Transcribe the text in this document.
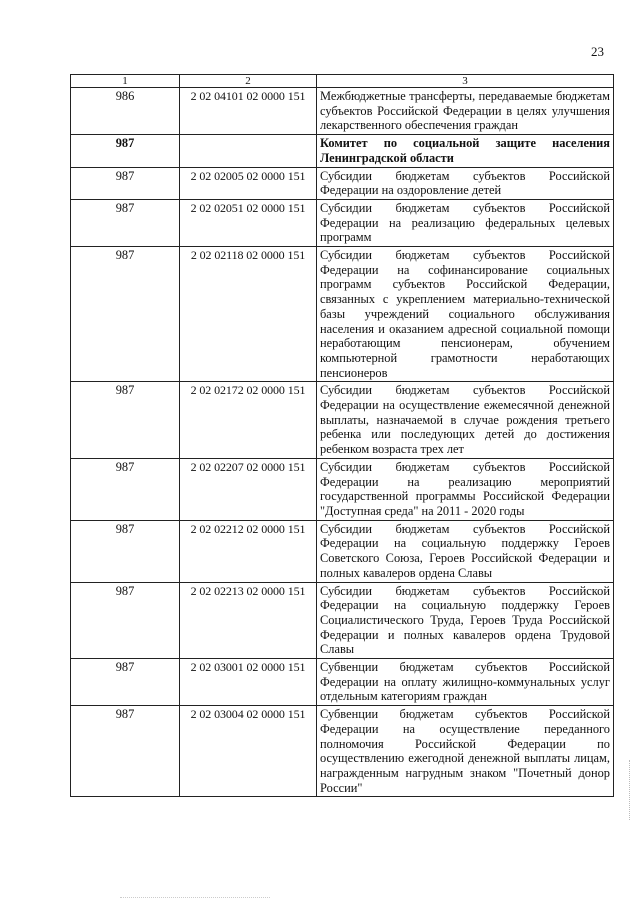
23
1	2	3
986	2 02 04101 02 0000 151	Межбюджетные трансферты, передаваемые бюджетам субъектов Российской Федерации в целях улучшения лекарственного обеспечения граждан
987		Комитет по социальной защите населения Ленинградской области
987	2 02 02005 02 0000 151	Субсидии бюджетам субъектов Российской Федерации на оздоровление детей
987	2 02 02051 02 0000 151	Субсидии бюджетам субъектов Российской Федерации на реализацию федеральных целевых программ
987	2 02 02118 02 0000 151	Субсидии бюджетам субъектов Российской Федерации на софинансирование социальных программ субъектов Российской Федерации, связанных с укреплением материально-технической базы учреждений социального обслуживания населения и оказанием адресной социальной помощи неработающим пенсионерам, обучением компьютерной грамотности неработающих пенсионеров
987	2 02 02172 02 0000 151	Субсидии бюджетам субъектов Российской Федерации на осуществление ежемесячной денежной выплаты, назначаемой в случае рождения третьего ребенка или последующих детей до достижения ребенком возраста трех лет
987	2 02 02207 02 0000 151	Субсидии бюджетам субъектов Российской Федерации на реализацию мероприятий государственной программы Российской Федерации "Доступная среда" на 2011 - 2020 годы
987	2 02 02212 02 0000 151	Субсидии бюджетам субъектов Российской Федерации на социальную поддержку Героев Советского Союза, Героев Российской Федерации и полных кавалеров ордена Славы
987	2 02 02213 02 0000 151	Субсидии бюджетам субъектов Российской Федерации на социальную поддержку Героев Социалистического Труда, Героев Труда Российской Федерации и полных кавалеров ордена Трудовой Славы
987	2 02 03001 02 0000 151	Субвенции бюджетам субъектов Российской Федерации на оплату жилищно-коммунальных услуг отдельным категориям граждан
987	2 02 03004 02 0000 151	Субвенции бюджетам субъектов Российской Федерации на осуществление переданного полномочия Российской Федерации по осуществлению ежегодной денежной выплаты лицам, награжденным нагрудным знаком "Почетный донор России"
